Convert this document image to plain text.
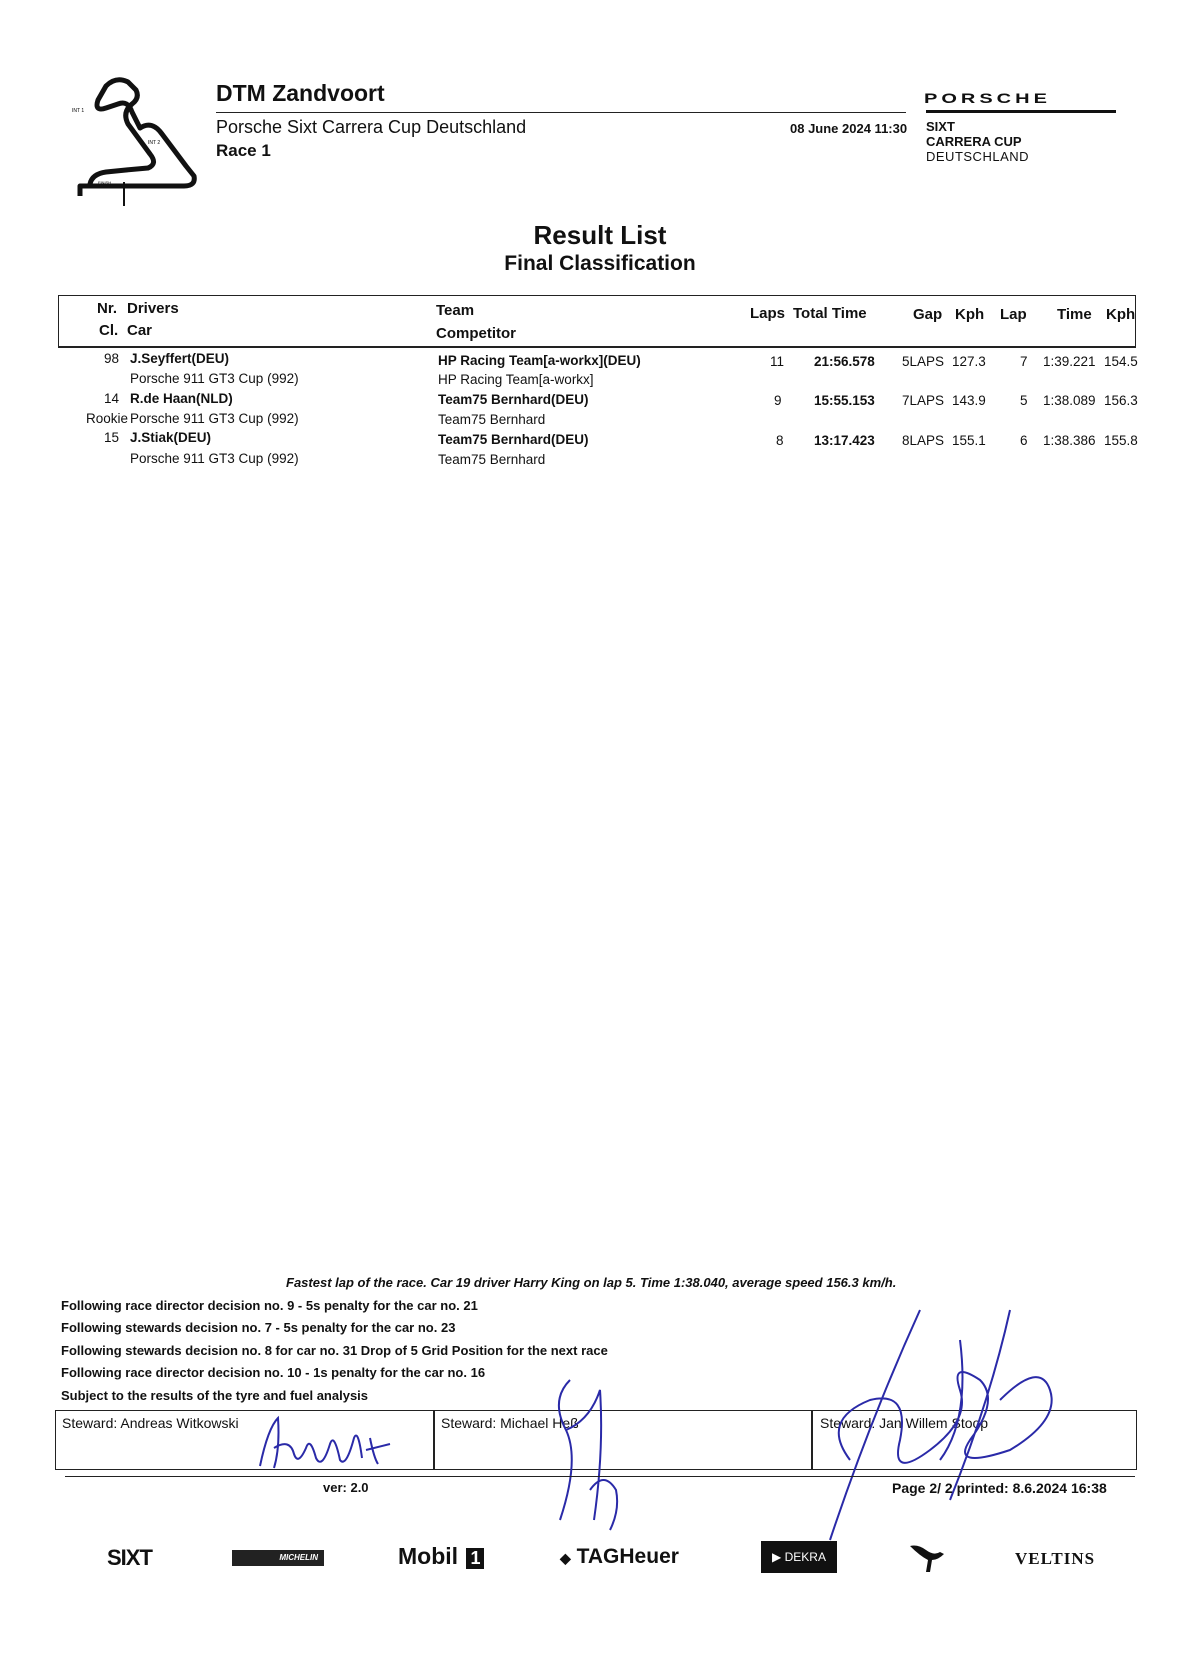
INT 1
INT 2
FINISH
DTM Zandvoort
Porsche Sixt Carrera Cup Deutschland
Race 1
08 June 2024 11:30
PORSCHE
SIXT
CARRERA CUP
DEUTSCHLAND
Result List
Final Classification
Nr. Drivers
Cl. Car
Team
Competitor
Laps Total Time	Gap Kph Lap Time Kph
98 J.Seyffert(DEU)
Porsche 911 GT3 Cup (992)
HP Racing Team[a-workx](DEU)
HP Racing Team[a-workx]
11 21:56.578 5LAPS 127.3	7 1:39.221 154.5
14 R.de Haan(NLD)
Rookie Porsche 911 GT3 Cup (992)
Team75 Bernhard(DEU)
Team75 Bernhard
9 15:55.153 7LAPS 143.9	5 1:38.089 156.3
15 J.Stiak(DEU)
Porsche 911 GT3 Cup (992)
Team75 Bernhard(DEU)
Team75 Bernhard
8 13:17.423 8LAPS 155.1	6 1:38.386 155.8
Fastest lap of the race. Car 19 driver Harry King on lap 5. Time 1:38.040, average speed 156.3 km/h.
Following race director decision no. 9 - 5s penalty for the car no. 21
Following stewards decision no. 7 - 5s penalty for the car no. 23
Following stewards decision no. 8 for car no. 31 Drop of 5 Grid Position for the next race
Following race director decision no. 10 - 1s penalty for the car no. 16
Subject to the results of the tyre and fuel analysis
Steward: Andreas Witkowski	Steward: Michael Heß	Steward: Jan Willem Stoop
ver: 2.0	Page 2/ 2 printed: 8.6.2024 16:38
SIXT	MICHELIN	Mobil 1	◆ TAGHeuer	▶ DEKRA	VELTINS
